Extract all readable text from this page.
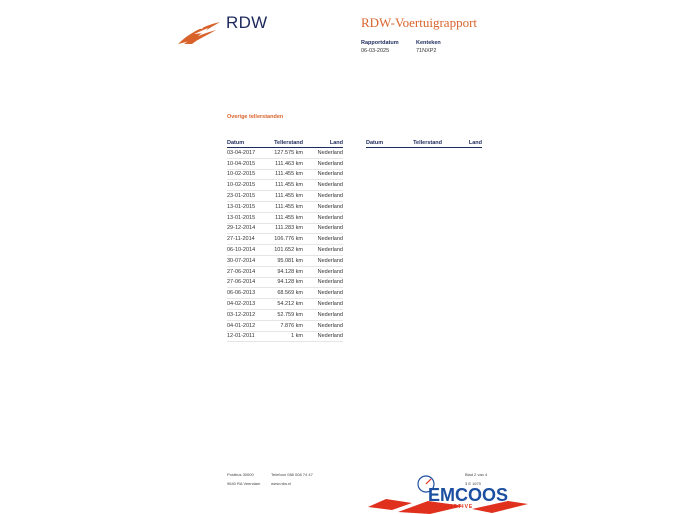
RDW	RDW-Voertuigrapport
Rapportdatum
06-03-2025
Kenteken
71NXP2
Overige tellerstanden
Datum	Tellerstand	Land
03-04-2017	127.575 km	Nederland
10-04-2015	111.463 km	Nederland
10-02-2015	111.455 km	Nederland
10-02-2015	111.455 km	Nederland
23-01-2015	111.455 km	Nederland
13-01-2015	111.455 km	Nederland
13-01-2015	111.455 km	Nederland
29-12-2014	111.283 km	Nederland
27-11-2014	106.776 km	Nederland
06-10-2014	101.652 km	Nederland
30-07-2014	95.081 km	Nederland
27-06-2014	94.128 km	Nederland
27-06-2014	94.128 km	Nederland
06-06-2013	68.569 km	Nederland
04-02-2013	54.212 km	Nederland
03-12-2012	52.759 km	Nederland
04-01-2012	7.876 km	Nederland
12-01-2011	1 km	Nederland
Datum	Tellerstand	Land
Postbus 30000
9640 RA Veendam
Telefoon 088 008 74 47
www.rdw.nl
Blad 2 van 4
3 E 1670
EMCOOS
AUTOMOTIVE
